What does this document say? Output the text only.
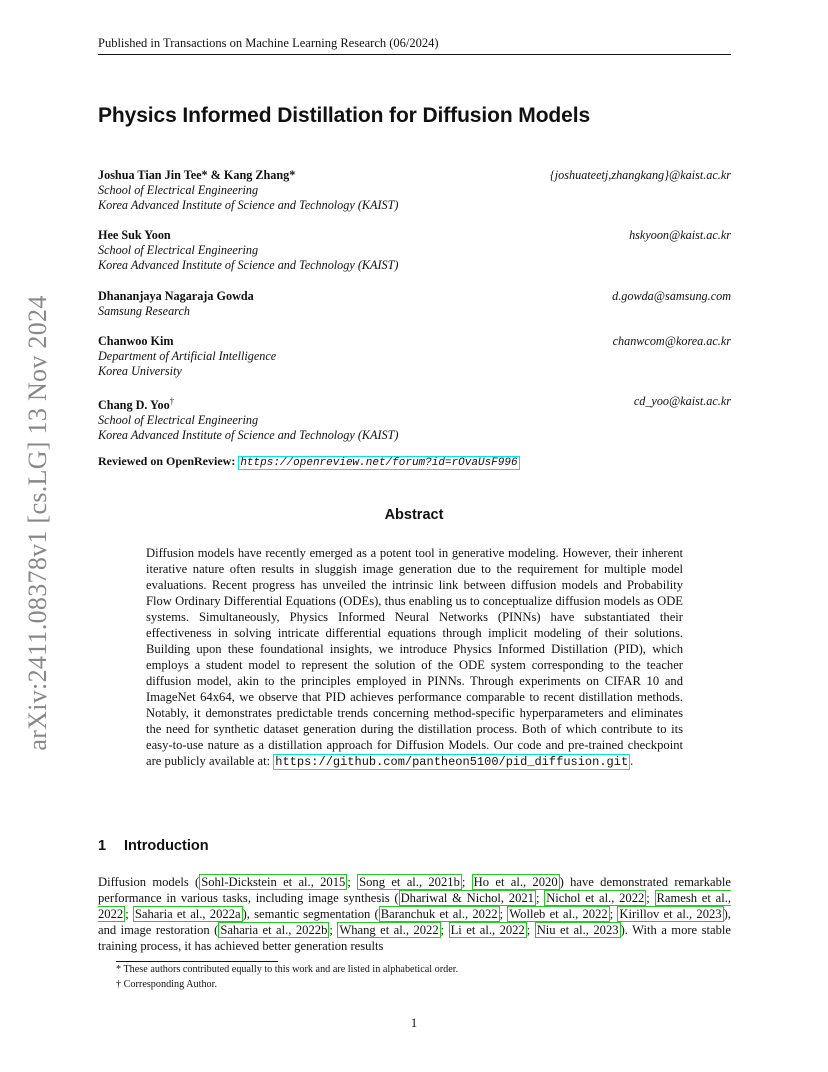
Published in Transactions on Machine Learning Research (06/2024)
Physics Informed Distillation for Diffusion Models
Joshua Tian Jin Tee* & Kang Zhang*
School of Electrical Engineering
Korea Advanced Institute of Science and Technology (KAIST)
{joshuateetj,zhangkang}@kaist.ac.kr
Hee Suk Yoon
School of Electrical Engineering
Korea Advanced Institute of Science and Technology (KAIST)
hskyoon@kaist.ac.kr
Dhananjaya Nagaraja Gowda
Samsung Research
d.gowda@samsung.com
Chanwoo Kim
Department of Artificial Intelligence
Korea University
chanwcom@korea.ac.kr
Chang D. Yoo†
School of Electrical Engineering
Korea Advanced Institute of Science and Technology (KAIST)
cd_yoo@kaist.ac.kr
Reviewed on OpenReview: https://openreview.net/forum?id=rOvaUsF996
Abstract
Diffusion models have recently emerged as a potent tool in generative modeling. However, their inherent iterative nature often results in sluggish image generation due to the requirement for multiple model evaluations. Recent progress has unveiled the intrinsic link between diffusion models and Probability Flow Ordinary Differential Equations (ODEs), thus enabling us to conceptualize diffusion models as ODE systems. Simultaneously, Physics Informed Neural Networks (PINNs) have substantiated their effectiveness in solving intricate differential equations through implicit modeling of their solutions. Building upon these foundational insights, we introduce Physics Informed Distillation (PID), which employs a student model to represent the solution of the ODE system corresponding to the teacher diffusion model, akin to the principles employed in PINNs. Through experiments on CIFAR 10 and ImageNet 64x64, we observe that PID achieves performance comparable to recent distillation methods. Notably, it demonstrates predictable trends concerning method-specific hyperparameters and eliminates the need for synthetic dataset generation during the distillation process. Both of which contribute to its easy-to-use nature as a distillation approach for Diffusion Models. Our code and pre-trained checkpoint are publicly available at: https://github.com/pantheon5100/pid_diffusion.git .
1 Introduction
Diffusion models ( Sohl-Dickstein et al., 2015 ; Song et al., 2021b ; Ho et al., 2020 ) have demonstrated remarkable performance in various tasks, including image synthesis ( Dhariwal & Nichol, 2021 ; Nichol et al., 2022 ; Ramesh et al., 2022 ; Saharia et al., 2022a ), semantic segmentation ( Baranchuk et al., 2022 ; Wolleb et al., 2022 ; Kirillov et al., 2023 ), and image restoration ( Saharia et al., 2022b ; Whang et al., 2022 ; Li et al., 2022 ; Niu et al., 2023 ). With a more stable training process, it has achieved better generation results
* These authors contributed equally to this work and are listed in alphabetical order.
† Corresponding Author.
1
arXiv:2411.08378v1 [cs.LG] 13 Nov 2024
